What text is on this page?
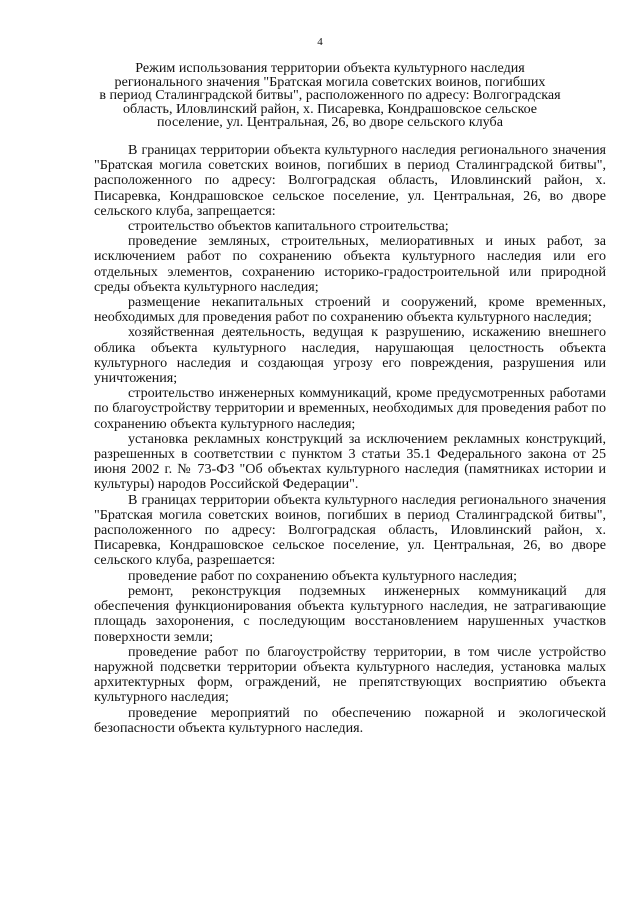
4
Режим использования территории объекта культурного наследия
регионального значения "Братская могила советских воинов, погибших
в период Сталинградской битвы", расположенного по адресу: Волгоградская
область, Иловлинский район, х. Писаревка, Кондрашовское сельское
поселение, ул. Центральная, 26, во дворе сельского клуба

В границах территории объекта культурного наследия регионального значения "Братская могила советских воинов, погибших в период Сталинградской битвы", расположенного по адресу: Волгоградская область, Иловлинский район, х. Писаревка, Кондрашовское сельское поселение, ул. Центральная, 26, во дворе сельского клуба, запрещается:

строительство объектов капитального строительства;

проведение земляных, строительных, мелиоративных и иных работ, за исключением работ по сохранению объекта культурного наследия или его отдельных элементов, сохранению историко-градостроительной или природной среды объекта культурного наследия;

размещение некапитальных строений и сооружений, кроме временных, необходимых для проведения работ по сохранению объекта культурного наследия;

хозяйственная деятельность, ведущая к разрушению, искажению внешнего облика объекта культурного наследия, нарушающая целостность объекта культурного наследия и создающая угрозу его повреждения, разрушения или уничтожения;

строительство инженерных коммуникаций, кроме предусмотренных работами по благоустройству территории и временных, необходимых для проведения работ по сохранению объекта культурного наследия;

установка рекламных конструкций за исключением рекламных конструкций, разрешенных в соответствии с пунктом 3 статьи 35.1 Федерального закона от 25 июня 2002 г. № 73-ФЗ "Об объектах культурного наследия (памятниках истории и культуры) народов Российской Федерации".

В границах территории объекта культурного наследия регионального значения "Братская могила советских воинов, погибших в период Сталинградской битвы", расположенного по адресу: Волгоградская область, Иловлинский район, х. Писаревка, Кондрашовское сельское поселение, ул. Центральная, 26, во дворе сельского клуба, разрешается:

проведение работ по сохранению объекта культурного наследия;

ремонт, реконструкция подземных инженерных коммуникаций для обеспечения функционирования объекта культурного наследия, не затрагивающие площадь захоронения, с последующим восстановлением нарушенных участков поверхности земли;

проведение работ по благоустройству территории, в том числе устройство наружной подсветки территории объекта культурного наследия, установка малых архитектурных форм, ограждений, не препятствующих восприятию объекта культурного наследия;

проведение мероприятий по обеспечению пожарной и экологической безопасности объекта культурного наследия.
